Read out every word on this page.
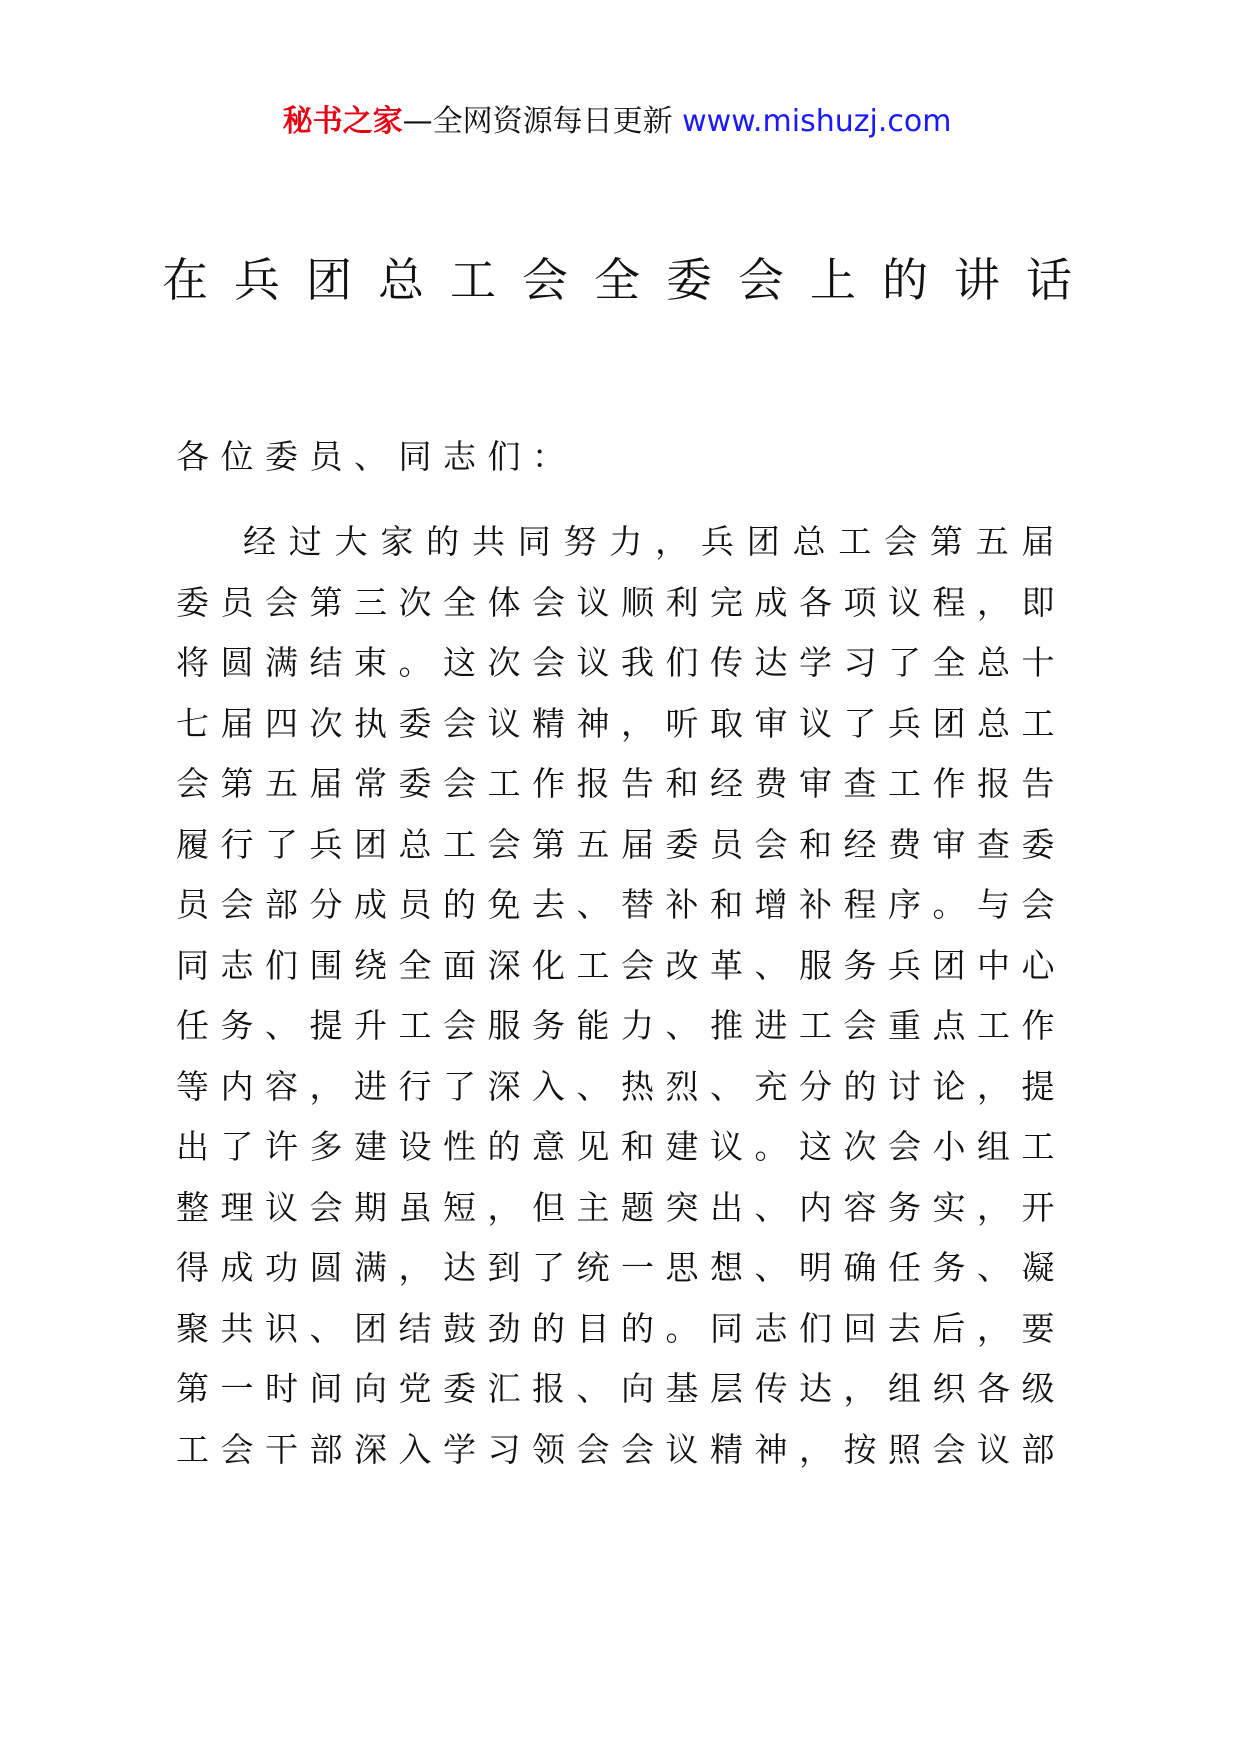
秘书之家—全网资源每日更新 www.mishuzj.com
在兵团总工会全委会上的讲话
各位委员、同志们：
经过大家的共同努力，兵团总工会第五届委员会第三次全体会议顺利完成各项议程，即将圆满结束。这次会议我们传达学习了全总十七届四次执委会议精神，听取审议了兵团总工会第五届常委会工作报告和经费审查工作报告履行了兵团总工会第五届委员会和经费审查委员会部分成员的免去、替补和增补程序。与会同志们围绕全面深化工会改革、服务兵团中心任务、提升工会服务能力、推进工会重点工作等内容，进行了深入、热烈、充分的讨论，提出了许多建设性的意见和建议。这次会小组工整理议会期虽短，但主题突出、内容务实，开得成功圆满，达到了统一思想、明确任务、凝聚共识、团结鼓劲的目的。同志们回去后，要第一时间向党委汇报、向基层传达，组织各级工会干部深入学习领会会议精神，按照会议部
